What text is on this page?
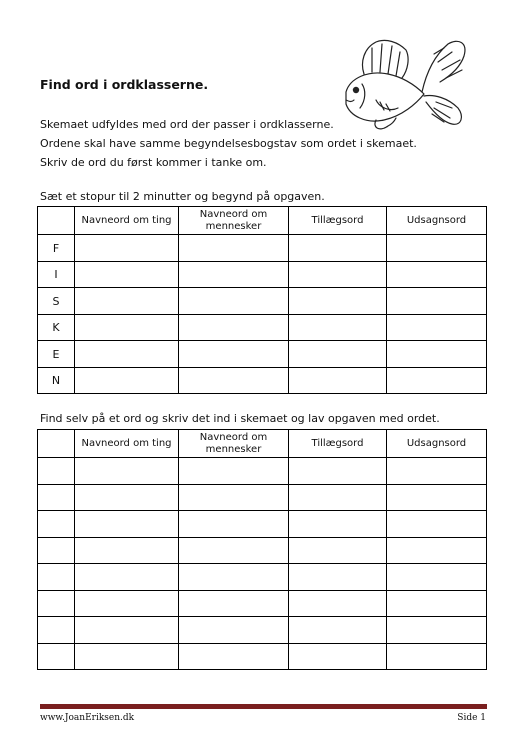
Find ord i ordklasserne.
Skemaet udfyldes med ord der passer i ordklasserne.
Ordene skal have samme begyndelsesbogstav som ordet i skemaet.
Skriv de ord du først kommer i tanke om.
Sæt et stopur til 2 minutter og begynd på opgaven.
	Navneord om ting	Navneord om mennesker	Tillægsord	Udsagnsord
F				
I				
S				
K				
E				
N				
Find selv på et ord og skriv det ind i skemaet og lav opgaven med ordet.
	Navneord om ting	Navneord om mennesker	Tillægsord	Udsagnsord

www.JoanEriksen.dk	Side 1
